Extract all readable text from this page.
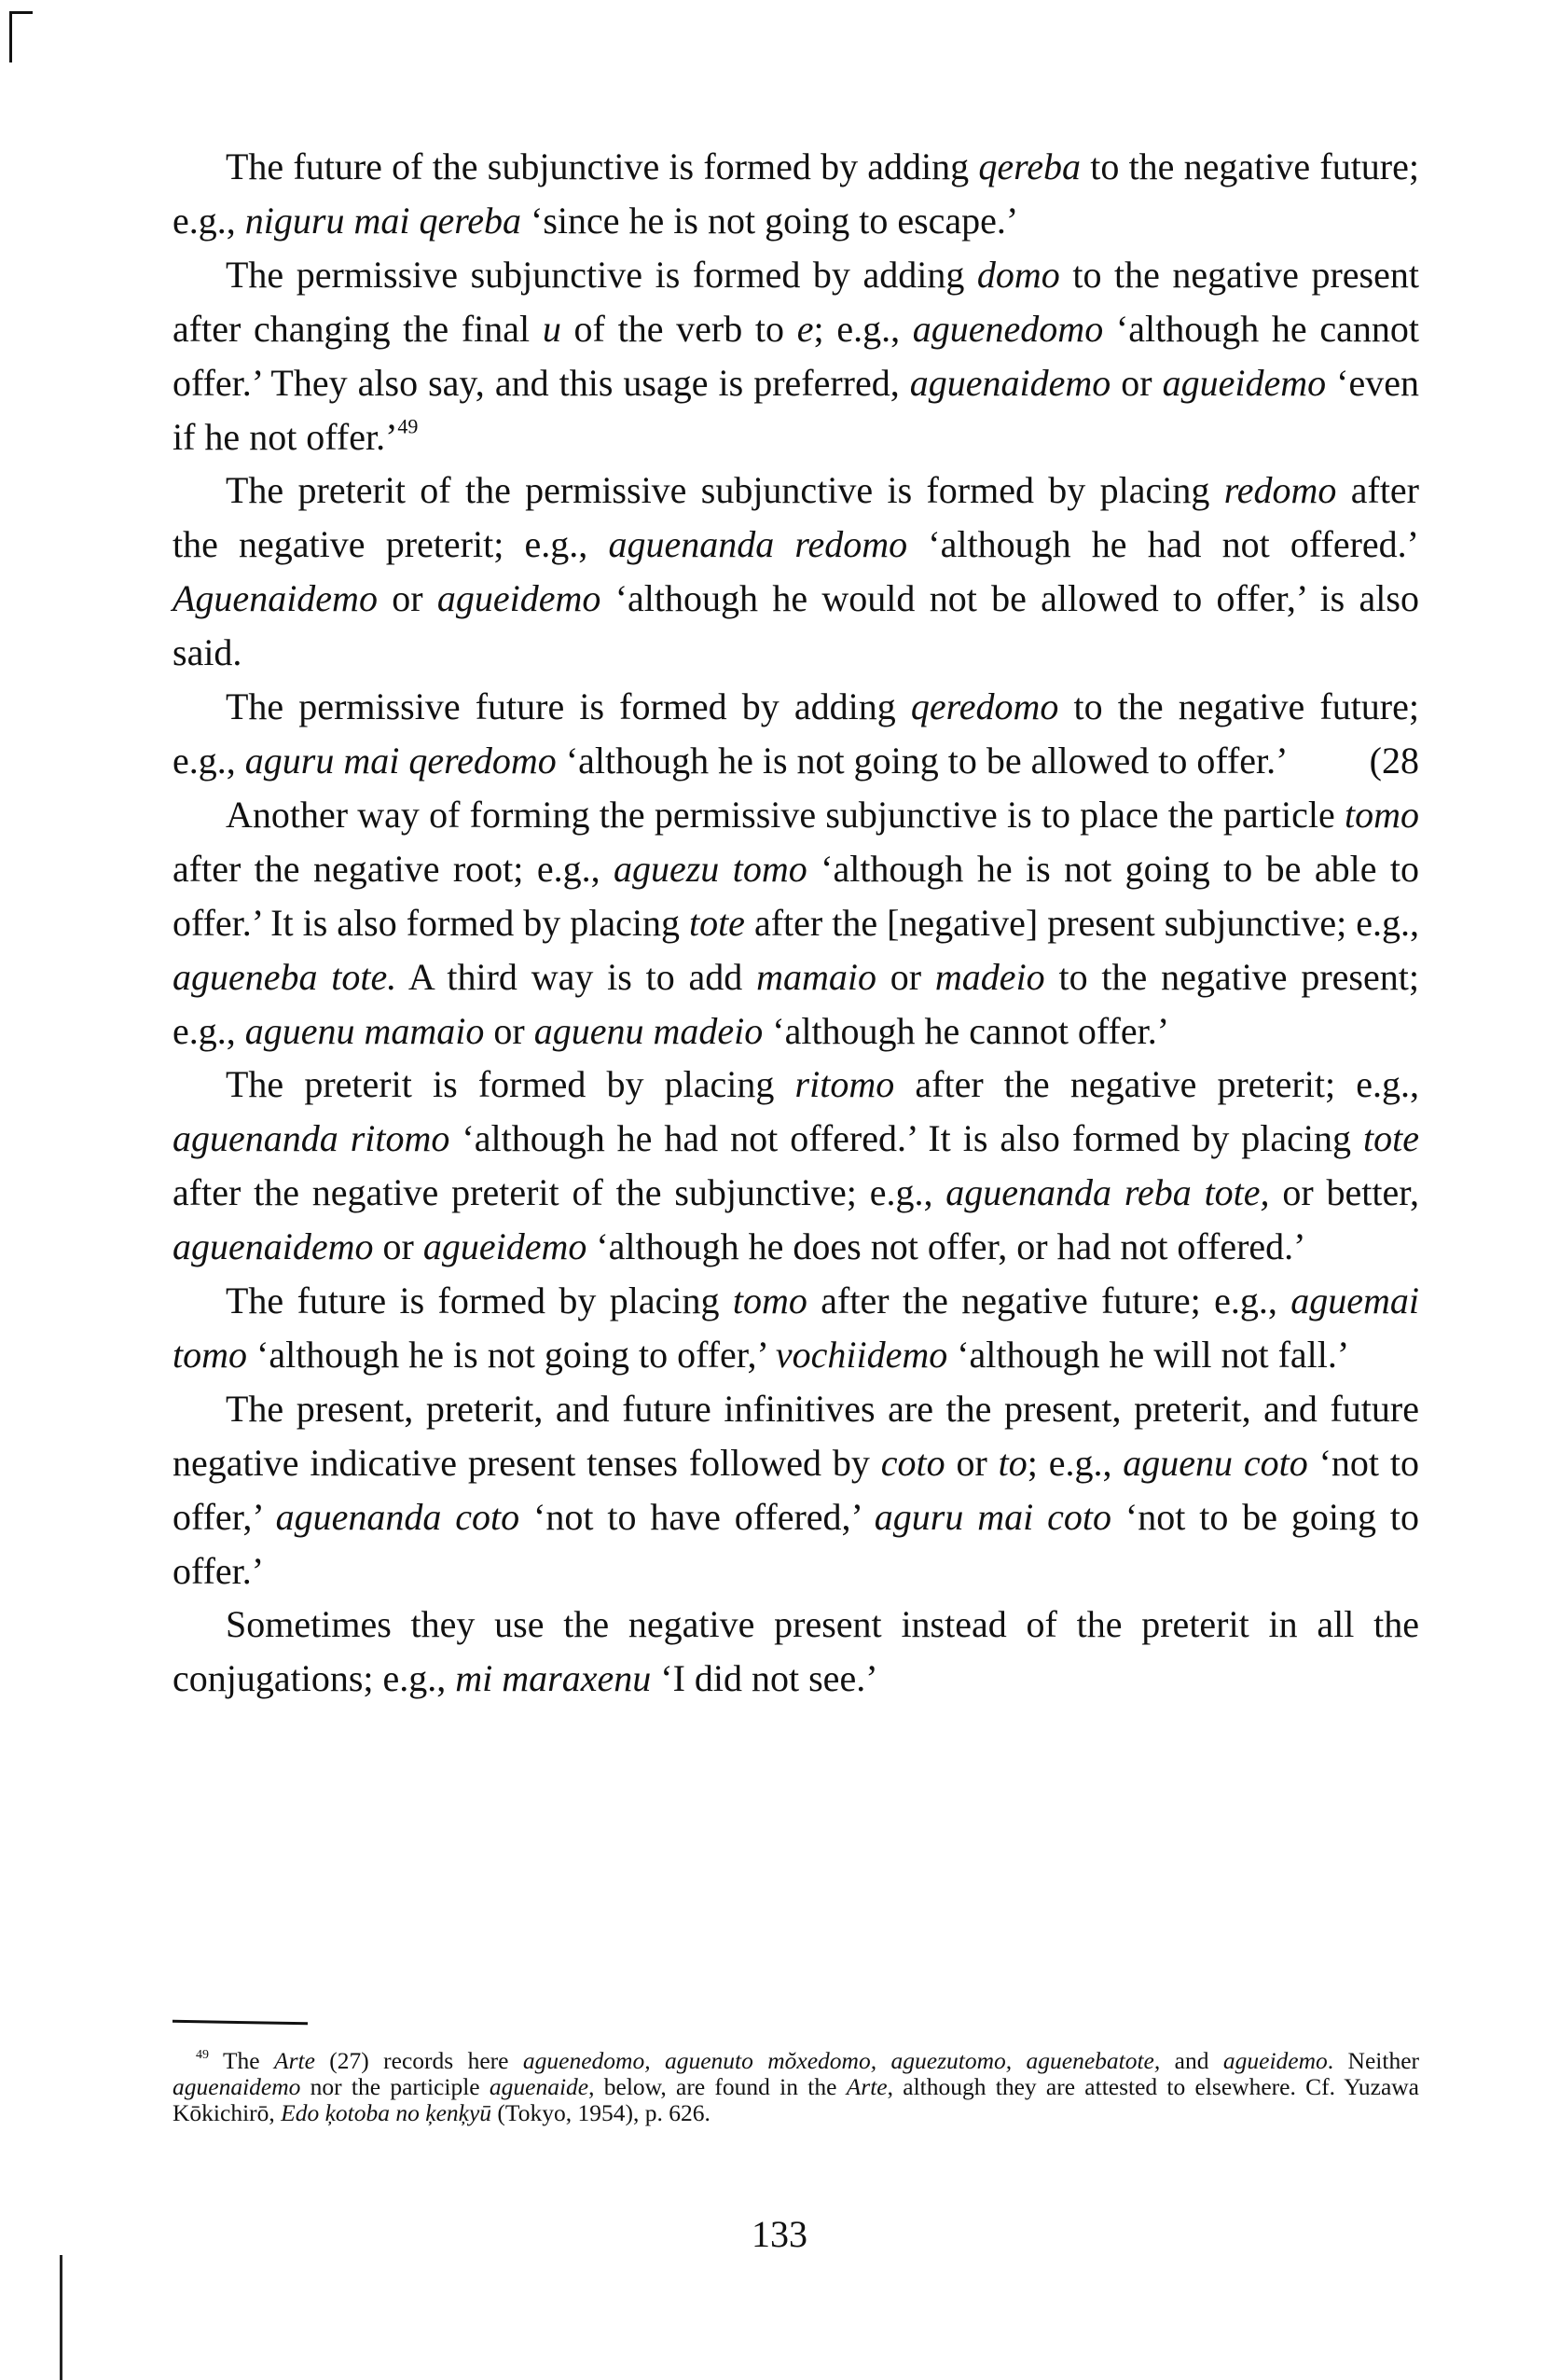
The future of the subjunctive is formed by adding qereba to the negative future; e.g., niguru mai qereba ‘since he is not going to escape.’

The permissive subjunctive is formed by adding domo to the negative present after changing the final u of the verb to e; e.g., aguenedomo ‘although he cannot offer.’ They also say, and this usage is preferred, aguenaidemo or agueidemo ‘even if he not offer.’$^{49}$

The preterit of the permissive subjunctive is formed by placing redomo after the negative preterit; e.g., aguenanda redomo ‘although he had not offered.’ Aguenaidemo or agueidemo ‘although he would not be allowed to offer,’ is also said.

The permissive future is formed by adding qeredomo to the negative future; e.g., aguru mai qeredomo ‘although he is not going to be allowed to offer.’	(28

Another way of forming the permissive subjunctive is to place the particle tomo after the negative root; e.g., aguezu tomo ‘although he is not going to be able to offer.’ It is also formed by placing tote after the [negative] present subjunctive; e.g., agueneba tote. A third way is to add mamaio or madeio to the negative present; e.g., aguenu mamaio or aguenu madeio ‘although he cannot offer.’

The preterit is formed by placing ritomo after the negative preterit; e.g., aguenanda ritomo ‘although he had not offered.’ It is also formed by placing tote after the negative preterit of the subjunctive; e.g., aguenanda reba tote, or better, aguenaidemo or agueidemo ‘although he does not offer, or had not offered.’

The future is formed by placing tomo after the negative future; e.g., aguemai tomo ‘although he is not going to offer,’ vochiidemo ‘although he will not fall.’

The present, preterit, and future infinitives are the present, preterit, and future negative indicative present tenses followed by coto or to; e.g., aguenu coto ‘not to offer,’ aguenanda coto ‘not to have offered,’ aguru mai coto ‘not to be going to offer.’

Sometimes they use the negative present instead of the preterit in all the conjugations; e.g., mi maraxenu ‘I did not see.’

$^{49}$ The Arte (27) records here aguenedomo, aguenuto mŏxedomo, aguezutomo, aguenebatote, and agueidemo. Neither aguenaidemo nor the participle aguenaide, below, are found in the Arte, although they are attested to elsewhere. Cf. Yuzawa Kōkichirō, Edo ķotoba no ķenķyū (Tokyo, 1954), p. 626.

133
